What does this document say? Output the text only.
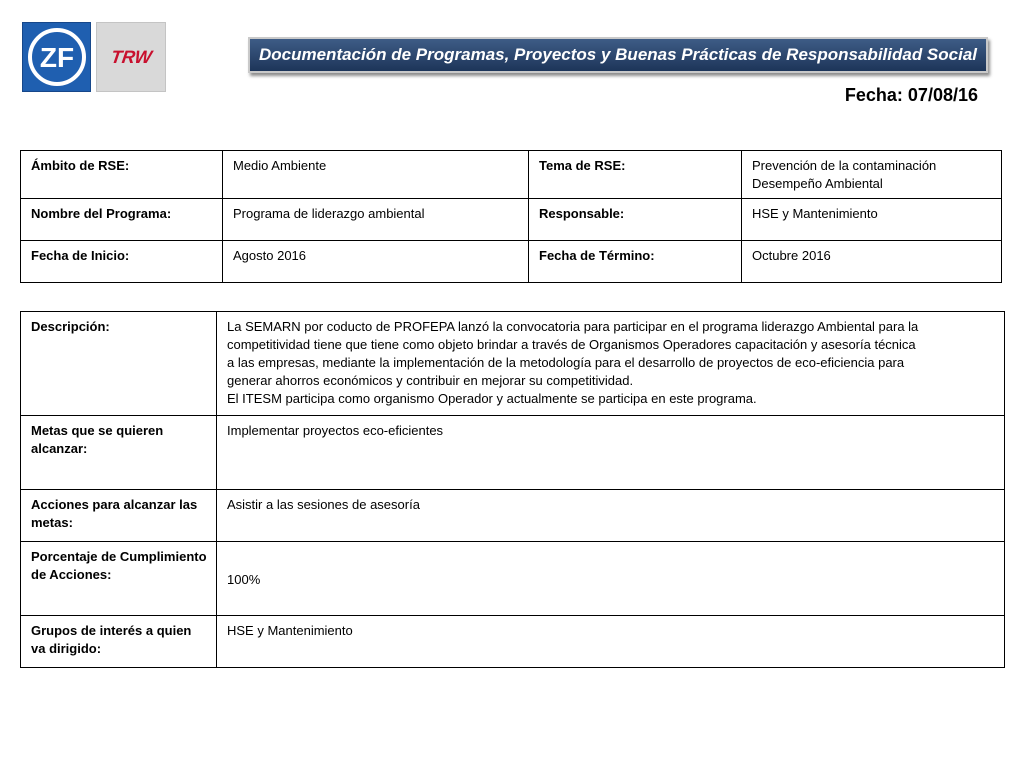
ZF TRW	Documentación de Programas, Proyectos y Buenas Prácticas de Responsabilidad Social
Fecha: 07/08/16
Ámbito de RSE:	Medio Ambiente	Tema de RSE:	Prevención de la contaminación
Desempeño Ambiental

Nombre del Programa:	Programa de liderazgo ambiental	Responsable:	HSE y Mantenimiento
Fecha de Inicio:	Agosto 2016	Fecha de Término:	Octubre 2016
Descripción:	La SEMARN por coducto de PROFEPA lanzó la convocatoria para participar en el programa liderazgo Ambiental para la
competitividad tiene que tiene como objeto brindar a través de Organismos Operadores capacitación y asesoría técnica
a las empresas, mediante la implementación de la metodología para el desarrollo de proyectos de eco-eficiencia para
generar ahorros económicos y contribuir en mejorar su competitividad.
El ITESM participa como organismo Operador y actualmente se participa en este programa.

Metas que se quieren alcanzar:	Implementar proyectos eco-eficientes
Acciones para alcanzar las metas:	Asistir a las sesiones de asesoría
Porcentaje de Cumplimiento de Acciones:	100%
Grupos de interés a quien va dirigido:	HSE y Mantenimiento
